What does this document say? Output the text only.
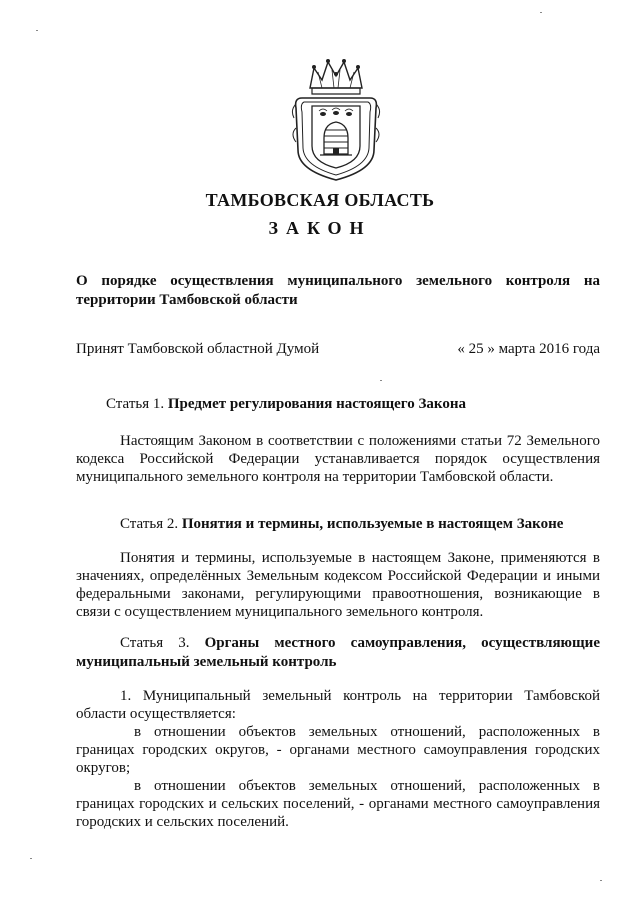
ТАМБОВСКАЯ ОБЛАСТЬ
ЗАКОН
О порядке осуществления муниципального земельного контроля на территории Тамбовской области
Принят Тамбовской областной Думой	« 25 » марта 2016 года
Статья 1. Предмет регулирования настоящего Закона

Настоящим Законом в соответствии с положениями статьи 72 Земельного кодекса Российской Федерации устанавливается порядок осуществления муниципального земельного контроля на территории Тамбовской области.

Статья 2. Понятия и термины, используемые в настоящем Законе

Понятия и термины, используемые в настоящем Законе, применяются в значениях, определённых Земельным кодексом Российской Федерации и иными федеральными законами, регулирующими правоотношения, возникающие в связи с осуществлением муниципального земельного контроля.

Статья 3. Органы местного самоуправления, осуществляющие муниципальный земельный контроль

1. Муниципальный земельный контроль на территории Тамбовской области осуществляется:

в отношении объектов земельных отношений, расположенных в границах городских округов, - органами местного самоуправления городских округов;

в отношении объектов земельных отношений, расположенных в границах городских и сельских поселений, - органами местного самоуправления городских и сельских поселений.
